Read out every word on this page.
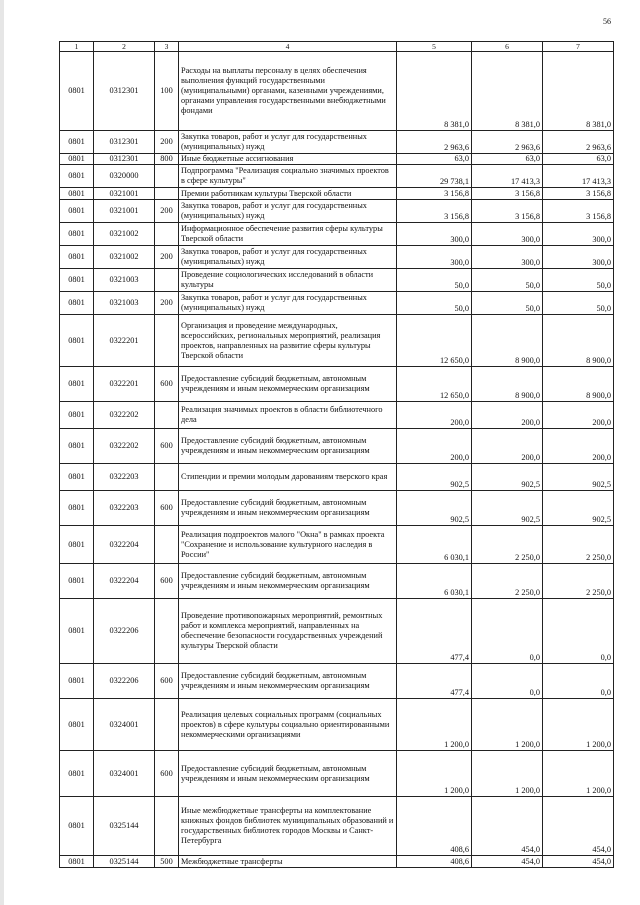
56
1	2	3	4	5	6	7
0801	0312301	100	Расходы на выплаты персоналу в целях обеспечения выполнения функций государственными (муниципальными) органами, казенными учреждениями, органами управления государственными внебюджетными фондами	8 381,0	8 381,0	8 381,0
0801	0312301	200	Закупка товаров, работ и услуг для государственных (муниципальных) нужд	2 963,6	2 963,6	2 963,6
0801	0312301	800	Иные бюджетные ассигнования	63,0	63,0	63,0
0801	0320000		Подпрограмма "Реализация социально значимых проектов в сфере культуры"	29 738,1	17 413,3	17 413,3
0801	0321001		Премии работникам культуры Тверской области	3 156,8	3 156,8	3 156,8
0801	0321001	200	Закупка товаров, работ и услуг для государственных (муниципальных) нужд	3 156,8	3 156,8	3 156,8
0801	0321002		Информационное обеспечение развития сферы культуры Тверской области	300,0	300,0	300,0
0801	0321002	200	Закупка товаров, работ и услуг для государственных (муниципальных) нужд	300,0	300,0	300,0
0801	0321003		Проведение социологических исследований в области культуры	50,0	50,0	50,0
0801	0321003	200	Закупка товаров, работ и услуг для государственных (муниципальных) нужд	50,0	50,0	50,0
0801	0322201		Организация и проведение международных, всероссийских, региональных мероприятий, реализация проектов, направленных на развитие сферы культуры Тверской области	12 650,0	8 900,0	8 900,0
0801	0322201	600	Предоставление субсидий бюджетным, автономным учреждениям и иным некоммерческим организациям	12 650,0	8 900,0	8 900,0
0801	0322202		Реализация значимых проектов в области библиотечного дела	200,0	200,0	200,0
0801	0322202	600	Предоставление субсидий бюджетным, автономным учреждениям и иным некоммерческим организациям	200,0	200,0	200,0
0801	0322203		Стипендии и премии молодым дарованиям тверского края	902,5	902,5	902,5
0801	0322203	600	Предоставление субсидий бюджетным, автономным учреждениям и иным некоммерческим организациям	902,5	902,5	902,5
0801	0322204		Реализация подпроектов малого "Окна" в рамках проекта "Сохранение и использование культурного наследия в России"	6 030,1	2 250,0	2 250,0
0801	0322204	600	Предоставление субсидий бюджетным, автономным учреждениям и иным некоммерческим организациям	6 030,1	2 250,0	2 250,0
0801	0322206		Проведение противопожарных мероприятий, ремонтных работ и комплекса мероприятий, направленных на обеспечение безопасности государственных учреждений культуры Тверской области	477,4	0,0	0,0
0801	0322206	600	Предоставление субсидий бюджетным, автономным учреждениям и иным некоммерческим организациям	477,4	0,0	0,0
0801	0324001		Реализация целевых социальных программ (социальных проектов) в сфере культуры социально ориентированными некоммерческими организациями	1 200,0	1 200,0	1 200,0
0801	0324001	600	Предоставление субсидий бюджетным, автономным учреждениям и иным некоммерческим организациям	1 200,0	1 200,0	1 200,0
0801	0325144		Иные межбюджетные трансферты на комплектование книжных фондов библиотек муниципальных образований и государственных библиотек городов Москвы и Санкт-Петербурга	408,6	454,0	454,0
0801	0325144	500	Межбюджетные трансферты	408,6	454,0	454,0
